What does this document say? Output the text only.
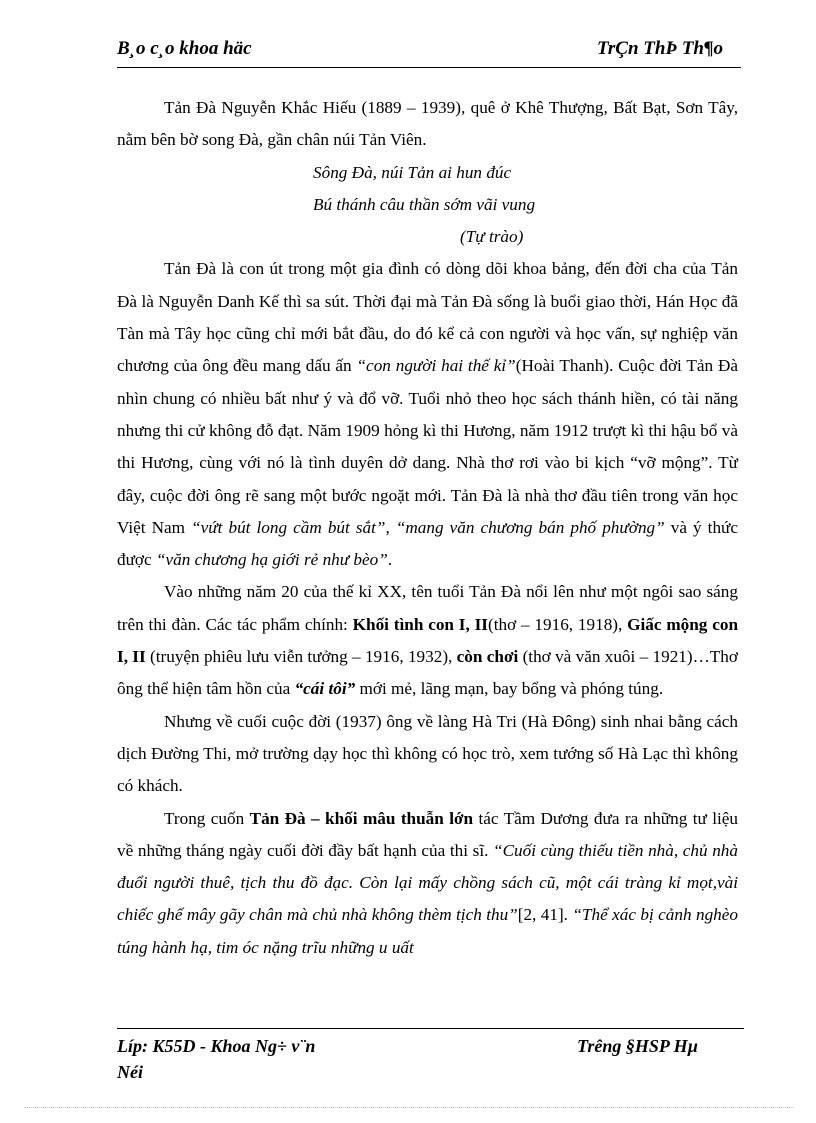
B¸o c¸o khoa häc	TrÇn ThÞ Th¶o

Tản Đà Nguyễn Khắc Hiếu (1889 – 1939), quê ở Khê Thượng, Bất Bạt, Sơn Tây, nằm bên bờ song Đà, gần chân núi Tản Viên.

Sông Đà, núi Tản ai hun đúc

Bú thánh câu thần sớm vãi vung

(Tự trào)

Tản Đà là con út trong một gia đình có dòng dõi khoa bảng, đến đời cha của Tản Đà là Nguyễn Danh Kế thì sa sút. Thời đại mà Tản Đà sống là buổi giao thời, Hán Học đã Tàn mà Tây học cũng chỉ mới bắt đầu, do đó kể cả con người và học vấn, sự nghiệp văn chương của ông đều mang dấu ấn “con người hai thế kỉ”(Hoài Thanh). Cuộc đời Tản Đà nhìn chung có nhiều bất như ý và đổ vỡ. Tuổi nhỏ theo học sách thánh hiền, có tài năng nhưng thi cử không đỗ đạt. Năm 1909 hỏng kì thi Hương, năm 1912 trượt kì thi hậu bổ và thi Hương, cùng với nó là tình duyên dở dang. Nhà thơ rơi vào bi kịch “vỡ mộng”. Từ đây, cuộc đời ông rẽ sang một bước ngoặt mới. Tản Đà là nhà thơ đầu tiên trong văn học Việt Nam “vứt bút long cầm bút sắt”, “mang văn chương bán phố phường” và ý thức được “văn chương hạ giới rẻ như bèo”.

Vào những năm 20 của thế kỉ XX, tên tuổi Tản Đà nổi lên như một ngôi sao sáng trên thi đàn. Các tác phẩm chính: Khối tình con I, II(thơ – 1916, 1918), Giấc mộng con I, II (truyện phiêu lưu viễn tưởng – 1916, 1932), còn chơi (thơ và văn xuôi – 1921)…Thơ ông thể hiện tâm hồn của “cái tôi” mới mẻ, lãng mạn, bay bổng và phóng túng.

Nhưng về cuối cuộc đời (1937) ông về làng Hà Tri (Hà Đông) sinh nhai bằng cách dịch Đường Thi, mở trường dạy học thì không có học trò, xem tướng số Hà Lạc thì không có khách.

Trong cuốn Tản Đà – khối mâu thuẫn lớn tác Tầm Dương đưa ra những tư liệu về những tháng ngày cuối đời đầy bất hạnh của thi sĩ. “Cuối cùng thiếu tiền nhà, chủ nhà đuổi người thuê, tịch thu đồ đạc. Còn lại mấy chồng sách cũ, một cái tràng kỉ mọt,vài chiếc ghế mây gãy chân mà chủ nhà không thèm tịch thu”[2, 41]. “Thể xác bị cảnh nghèo túng hành hạ, tim óc nặng trĩu những u uất

Líp: K55D - Khoa Ng÷ v¨n
Néi
Trêng §HSP Hµ
